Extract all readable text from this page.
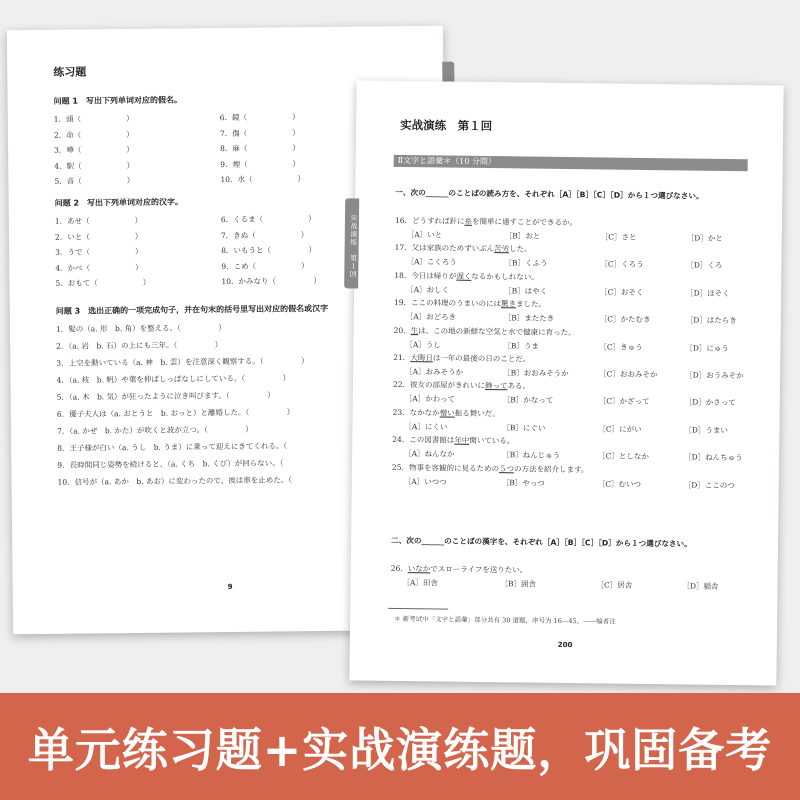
练习题
问题 1　写出下列单词对应的假名。
1．頭（　　　　　　）
2．命（　　　　　　）
3．嘩（　　　　　　）
4．駅（　　　　　　）
5．音（　　　　　　）
6．鏡（　　　　　　）
7．傷（　　　　　　）
8．麻（　　　　　　）
9．煙（　　　　　　）
10．水（　　　　　　）
问题 2　写出下列单词对应的汉字。
1．あせ（　　　　　　）
2．いと（　　　　　　）
3．うで（　　　　　　）
4．かべ（　　　　　　）
5．おもて（　　　　　　）
6．くるま（　　　　　　）
7．きぬ（　　　　　　）
8．いもうと（　　　　　）
9．こめ（　　　　　　）
10．かみなり（　　　　　）
问题 3　选出正确的一项完成句子，并在句末的括号里写出对应的假名或汉字
1．髪の（a. 形　b. 角）を整える。（　　　　　）
2．（a. 岩　b. 石）の上にも三年。（　　　　　）
3．上空を動いている（a. 神　b. 雲）を注意深く観察する。（　　　　　）
4．（a. 枝　b. 帆）や葉を伸ばしっぱなしにしている。（　　　　　）
5．（a. 木　b. 気）が狂ったように泣き叫びます。（　　　　　）
6．優子夫人は（a. おとうと　b. おっと）と離婚した。（　　　　　）
7．（a. かぜ　b. かた）が吹くと波が立つ。（　　　　　）
8．王子様が白い（a. うし　b. うま）に乗って迎えにきてくれる。（
9．長時間同じ姿勢を続けると、（a. くち　b. くび）が回らない。（
10．信号が（a. あか　b. あお）に変わったので、彼は車を止めた。（
9
实战演练　第１回
实战演练　第１回
Ⅱ文字と語彙＊（10 分間）
一、次の______のことばの読み方を、それぞれ［A］［B］［C］［D］から１つ選びなさい。
16．どうすれば針に糸を簡単に通すことができるか。
［A］いと	［B］おと	［C］さと	［D］かと
17．父は家族のためずいぶん苦労した。
［A］こくろう	［B］くふう	［C］くろう	［D］くろ
18．今日は帰りが遅くなるかもしれない。
［A］おしく	［B］はやく	［C］おそく	［D］ほそく
19．ここの料理のうまいのには驚きました。
［A］おどろき	［B］またたき	［C］かたむき	［D］はたらき
20．生は、この地の新鮮な空気と水で健康に育った。
［A］うし	［B］うま	［C］きゅう	［D］にゅう
21．大晦日は一年の最後の日のことだ。
［A］おみそうか	［B］おおみそうか	［C］おおみそか	［D］おうみそか
22．彼女の部屋がきれいに飾ってある。
［A］かわって	［B］かなって	［C］かざって	［D］かさって
23．なかなか憎い振る舞いだ。
［A］にくい	［B］にぐい	［C］にがい	［D］うまい
24．この図書館は年中開いている。
［A］ねんなか	［B］ねんじゅう	［C］としなか	［D］ねんちゅう
25．物事を客観的に見るための５つの方法を紹介します。
［A］いつつ	［B］やっつ	［C］むいつ	［D］ここのつ
二、次の______のことばの漢字を、それぞれ［A］［B］［C］［D］から１つ選びなさい。
26．いなかでスローライフを送りたい。
［A］田舎	［B］囲舎	［C］居舎	［D］稲舎
＊ 新考试中「文字と語彙」部分共有 30 道题，序号为 16—45。——编者注
200
单元练习题+实战演练题，巩固备考
